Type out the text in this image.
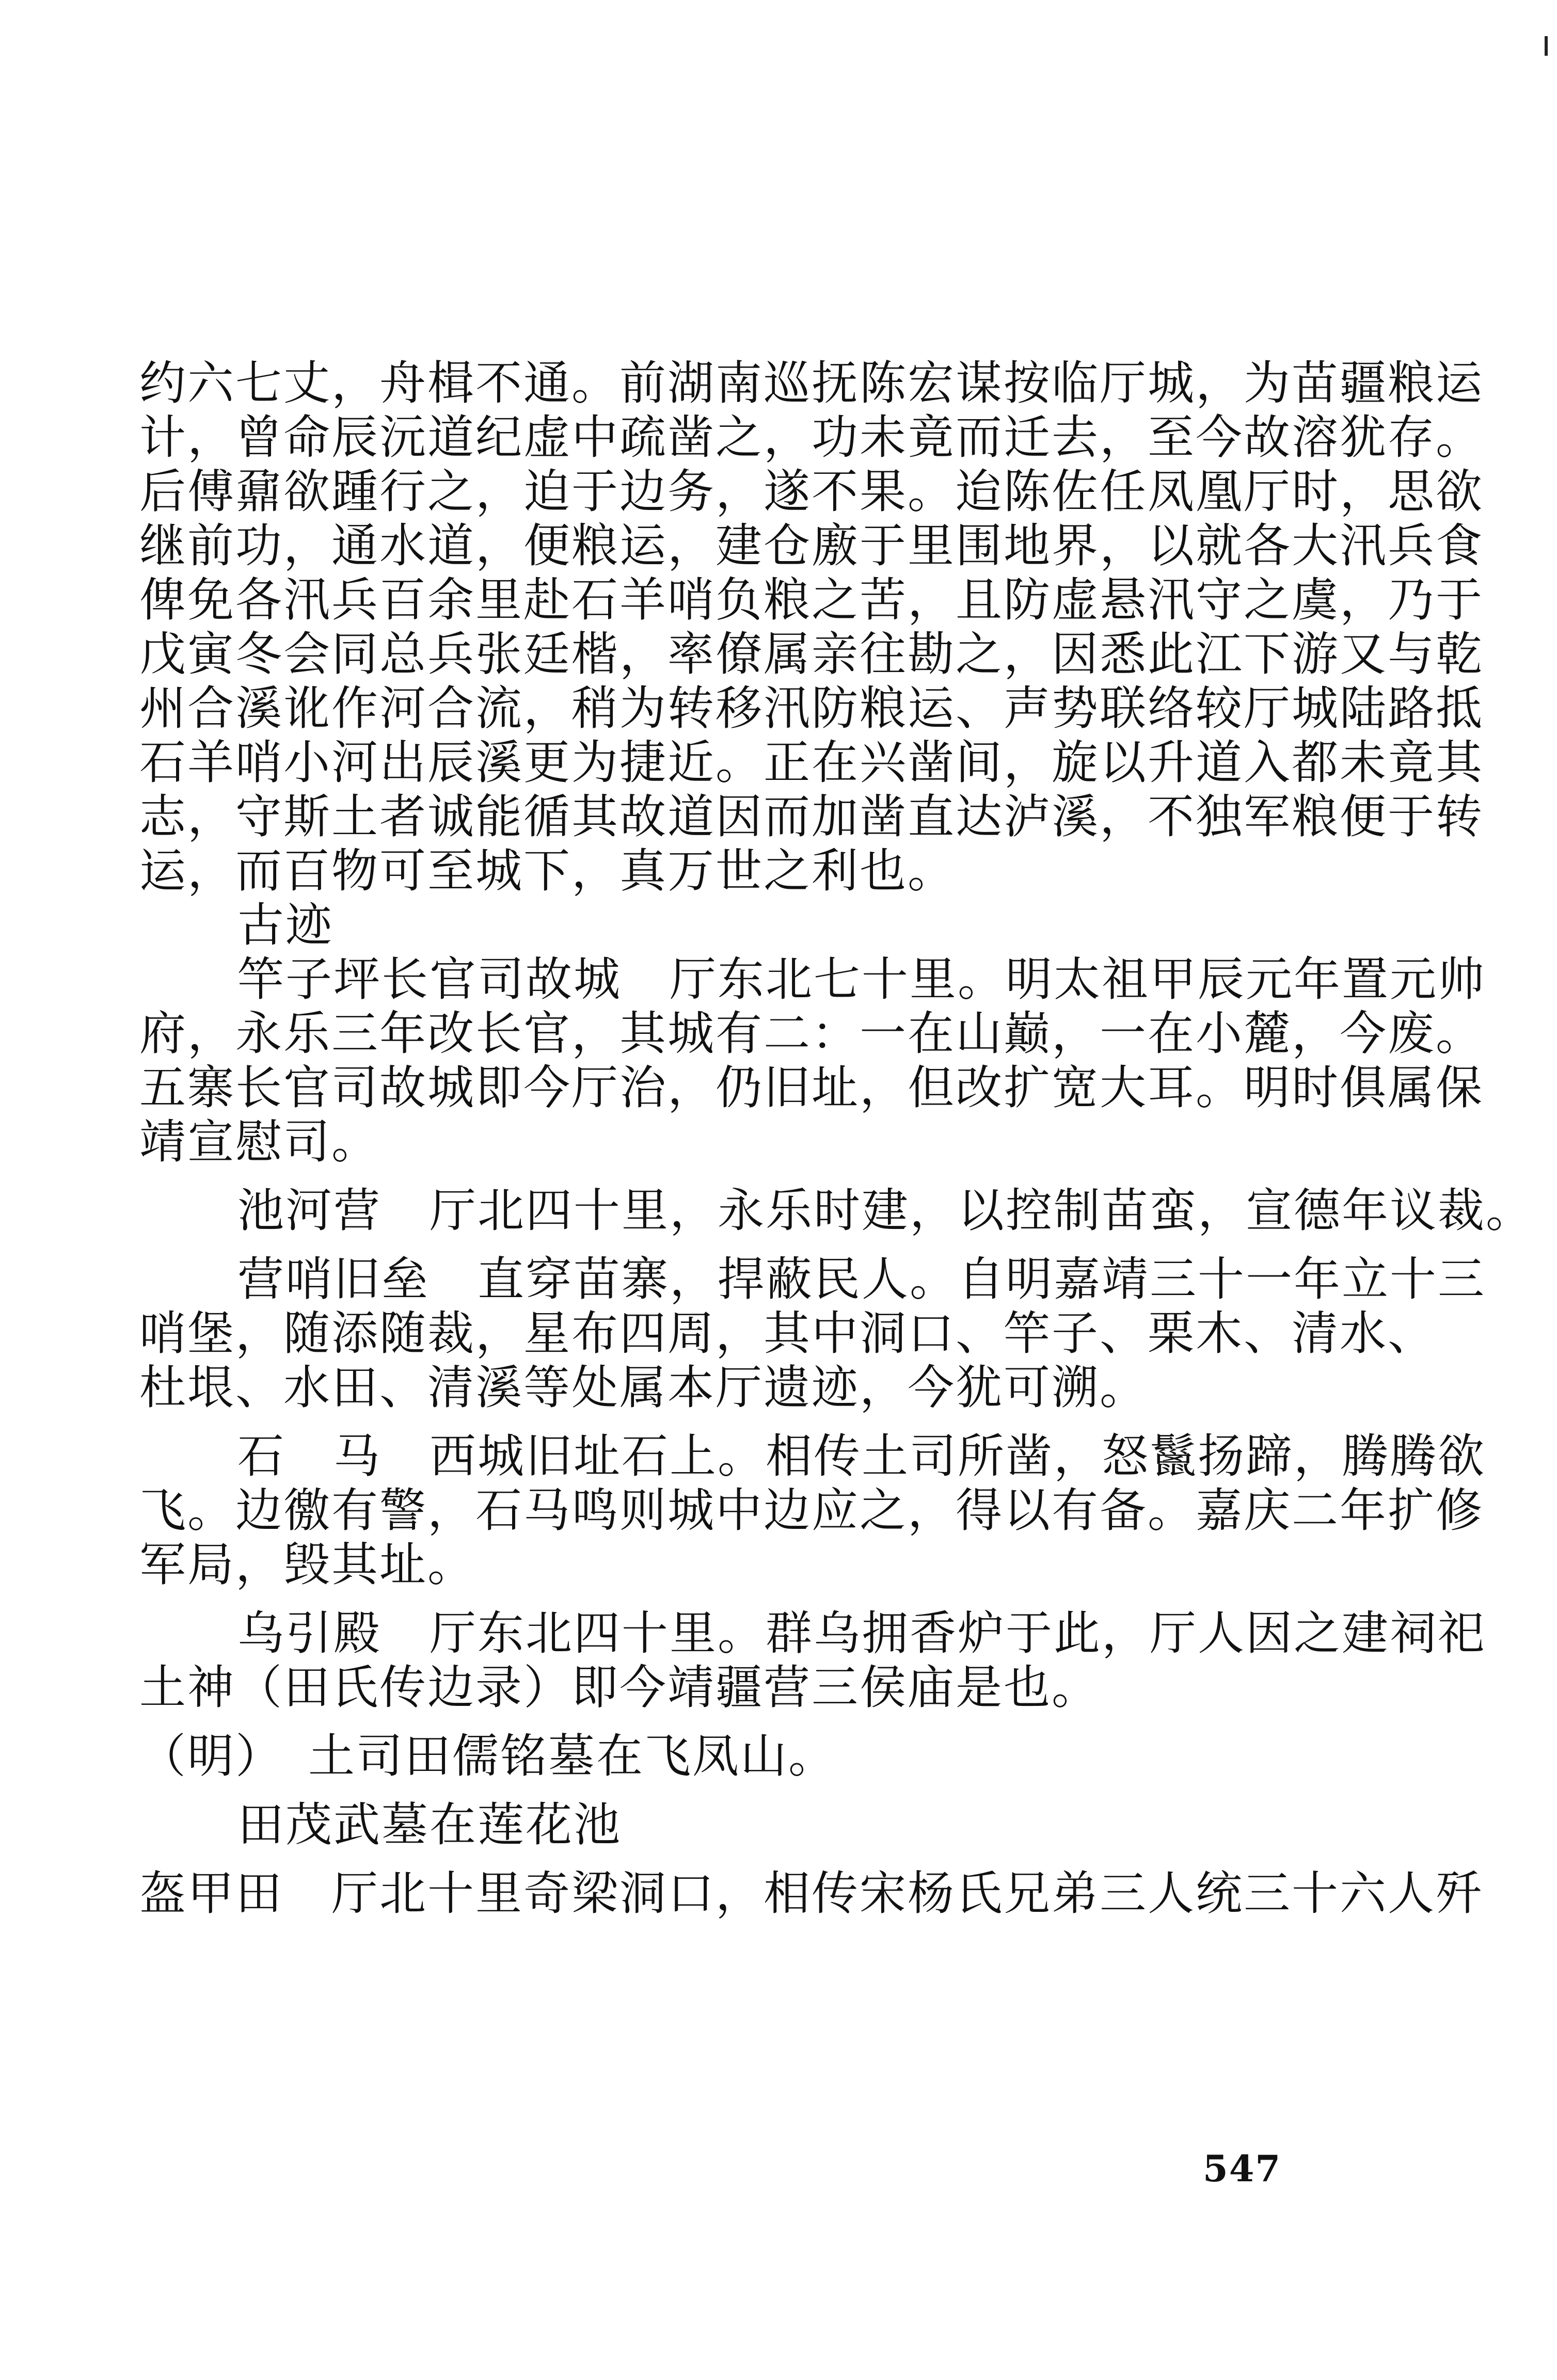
约六七丈，舟楫不通。前湖南巡抚陈宏谋按临厅城，为苗疆粮运
计，曾命辰沅道纪虚中疏凿之，功未竟而迁去，至今故溶犹存。
后傅鼐欲踵行之，迫于边务，遂不果。迨陈佐任凤凰厅时，思欲
继前功，通水道，便粮运，建仓廒于里围地界，以就各大汛兵食
俾免各汛兵百余里赴石羊哨负粮之苦，且防虚悬汛守之虞，乃于
戊寅冬会同总兵张廷楷，率僚属亲往勘之，因悉此江下游又与乾
州合溪讹作河合流，稍为转移汛防粮运、声势联络较厅城陆路抵
石羊哨小河出辰溪更为捷近。正在兴凿间，旋以升道入都未竟其
志，守斯土者诚能循其故道因而加凿直达泸溪，不独军粮便于转
运，而百物可至城下，真万世之利也。
古迹
竿子坪长官司故城　厅东北七十里。明太祖甲辰元年置元帅
府，永乐三年改长官，其城有二：一在山巅，一在小麓，今废。
五寨长官司故城即今厅治，仍旧址，但改扩宽大耳。明时俱属保
靖宣慰司。
池河营　厅北四十里，永乐时建，以控制苗蛮，宣德年议裁。
营哨旧垒　直穿苗寨，捍蔽民人。自明嘉靖三十一年立十三
哨堡，随添随裁，星布四周，其中洞口、竿子、栗木、清水、
杜垠、水田、清溪等处属本厅遗迹，今犹可溯。
石　马　西城旧址石上。相传土司所凿，怒鬣扬蹄，腾腾欲
飞。边徼有警，石马鸣则城中边应之，得以有备。嘉庆二年扩修
军局，毁其址。
乌引殿　厅东北四十里。群乌拥香炉于此，厅人因之建祠祀
土神（田氏传边录）即今靖疆营三侯庙是也。
（明）　土司田儒铭墓在飞凤山。
田茂武墓在莲花池
盔甲田　厅北十里奇梁洞口，相传宋杨氏兄弟三人统三十六人歼
547
